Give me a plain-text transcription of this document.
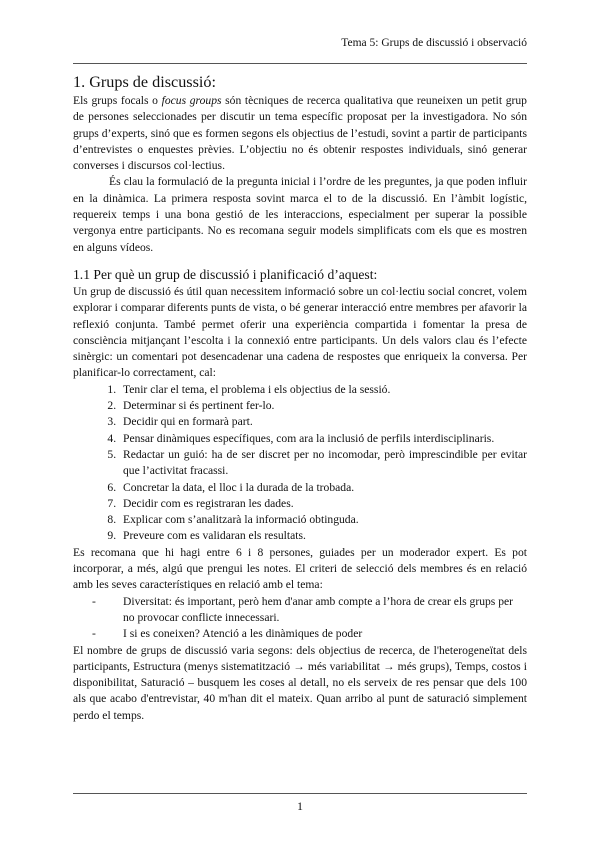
Tema 5: Grups de discussió i observació
1. Grups de discussió:

Els grups focals o focus groups són tècniques de recerca qualitativa que reuneixen un petit grup de persones seleccionades per discutir un tema específic proposat per la investigadora. No són grups d’experts, sinó que es formen segons els objectius de l’estudi, sovint a partir de participants d’entrevistes o enquestes prèvies. L’objectiu no és obtenir respostes individuals, sinó generar converses i discursos col·lectius.

És clau la formulació de la pregunta inicial i l’ordre de les preguntes, ja que poden influir en la dinàmica. La primera resposta sovint marca el to de la discussió. En l’àmbit logístic, requereix temps i una bona gestió de les interaccions, especialment per superar la possible vergonya entre participants. No es recomana seguir models simplificats com els que es mostren en alguns vídeos.

1.1 Per què un grup de discussió i planificació d’aquest:

Un grup de discussió és útil quan necessitem informació sobre un col·lectiu social concret, volem explorar i comparar diferents punts de vista, o bé generar interacció entre membres per afavorir la reflexió conjunta. També permet oferir una experiència compartida i fomentar la presa de consciència mitjançant l’escolta i la connexió entre participants. Un dels valors clau és l’efecte sinèrgic: un comentari pot desencadenar una cadena de respostes que enriqueix la conversa. Per planificar-lo correctament, cal:

1. Tenir clar el tema, el problema i els objectius de la sessió.
2. Determinar si és pertinent fer-lo.
3. Decidir qui en formarà part.
4. Pensar dinàmiques específiques, com ara la inclusió de perfils interdisciplinaris.
5. Redactar un guió: ha de ser discret per no incomodar, però imprescindible per evitar que l’activitat fracassi.
6. Concretar la data, el lloc i la durada de la trobada.
7. Decidir com es registraran les dades.
8. Explicar com s’analitzarà la informació obtinguda.
9. Preveure com es validaran els resultats.

Es recomana que hi hagi entre 6 i 8 persones, guiades per un moderador expert. Es pot incorporar, a més, algú que prengui les notes. El criteri de selecció dels membres és en relació amb les seves característiques en relació amb el tema:

- Diversitat: és important, però hem d'anar amb compte a l’hora de crear els grups per no provocar conflicte innecessari.
- I si es coneixen? Atenció a les dinàmiques de poder

El nombre de grups de discussió varia segons: dels objectius de recerca, de l'heterogeneïtat dels participants, Estructura (menys sistematització → més variabilitat → més grups), Temps, costos i disponibilitat, Saturació – busquem les coses al detall, no els serveix de res pensar que dels 100 als que acabo d'entrevistar, 40 m'han dit el mateix. Quan arribo al punt de saturació simplement perdo el temps.

1
